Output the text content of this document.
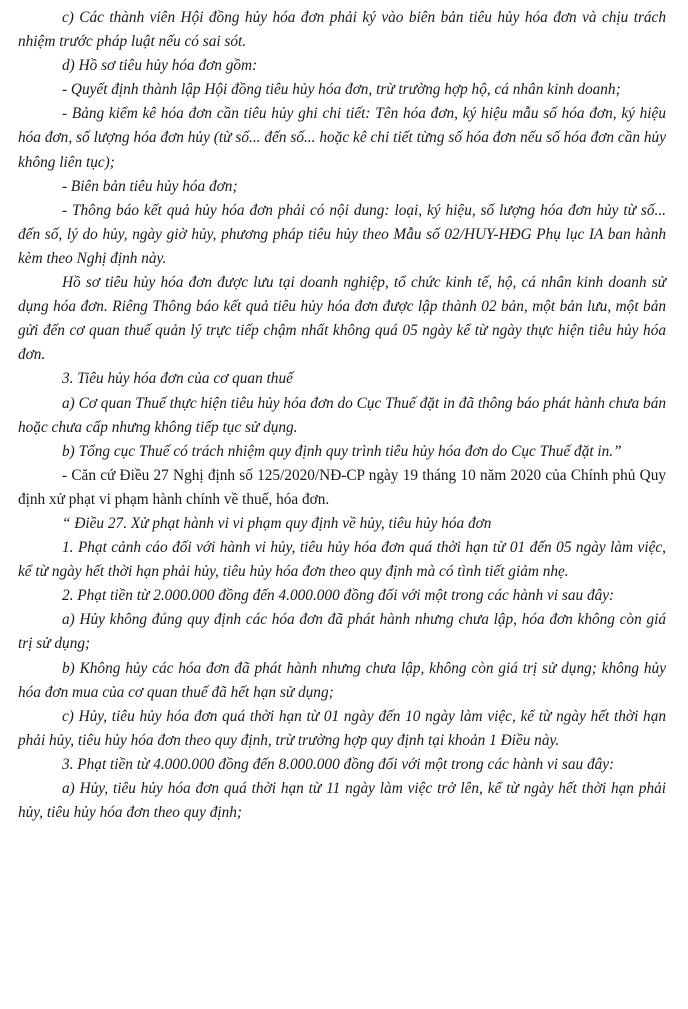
c) Các thành viên Hội đồng hủy hóa đơn phải ký vào biên bản tiêu hủy hóa đơn và chịu trách nhiệm trước pháp luật nếu có sai sót.

d) Hồ sơ tiêu hủy hóa đơn gồm:

- Quyết định thành lập Hội đồng tiêu hủy hóa đơn, trừ trường hợp hộ, cá nhân kinh doanh;

- Bảng kiểm kê hóa đơn cần tiêu hủy ghi chi tiết: Tên hóa đơn, ký hiệu mẫu số hóa đơn, ký hiệu hóa đơn, số lượng hóa đơn hủy (từ số... đến số... hoặc kê chi tiết từng số hóa đơn nếu số hóa đơn cần hủy không liên tục);

- Biên bản tiêu hủy hóa đơn;

- Thông báo kết quả hủy hóa đơn phải có nội dung: loại, ký hiệu, số lượng hóa đơn hủy từ số... đến số, lý do hủy, ngày giờ hủy, phương pháp tiêu hủy theo Mẫu số 02/HUY-HĐG Phụ lục IA ban hành kèm theo Nghị định này.

Hồ sơ tiêu hủy hóa đơn được lưu tại doanh nghiệp, tổ chức kinh tế, hộ, cá nhân kinh doanh sử dụng hóa đơn. Riêng Thông báo kết quả tiêu hủy hóa đơn được lập thành 02 bản, một bản lưu, một bản gửi đến cơ quan thuế quản lý trực tiếp chậm nhất không quá 05 ngày kể từ ngày thực hiện tiêu hủy hóa đơn.

3. Tiêu hủy hóa đơn của cơ quan thuế

a) Cơ quan Thuế thực hiện tiêu hủy hóa đơn do Cục Thuế đặt in đã thông báo phát hành chưa bán hoặc chưa cấp nhưng không tiếp tục sử dụng.

b) Tổng cục Thuế có trách nhiệm quy định quy trình tiêu hủy hóa đơn do Cục Thuế đặt in.”

- Căn cứ Điều 27 Nghị định số 125/2020/NĐ-CP ngày 19 tháng 10 năm 2020 của Chính phủ Quy định xử phạt vi phạm hành chính về thuế, hóa đơn.

“ Điều 27. Xử phạt hành vi vi phạm quy định về hủy, tiêu hủy hóa đơn

1. Phạt cảnh cáo đối với hành vi hủy, tiêu hủy hóa đơn quá thời hạn từ 01 đến 05 ngày làm việc, kể từ ngày hết thời hạn phải hủy, tiêu hủy hóa đơn theo quy định mà có tình tiết giảm nhẹ.

2. Phạt tiền từ 2.000.000 đồng đến 4.000.000 đồng đối với một trong các hành vi sau đây:

a) Hủy không đúng quy định các hóa đơn đã phát hành nhưng chưa lập, hóa đơn không còn giá trị sử dụng;

b) Không hủy các hóa đơn đã phát hành nhưng chưa lập, không còn giá trị sử dụng; không hủy hóa đơn mua của cơ quan thuế đã hết hạn sử dụng;

c) Hủy, tiêu hủy hóa đơn quá thời hạn từ 01 ngày đến 10 ngày làm việc, kể từ ngày hết thời hạn phải hủy, tiêu hủy hóa đơn theo quy định, trừ trường hợp quy định tại khoản 1 Điều này.

3. Phạt tiền từ 4.000.000 đồng đến 8.000.000 đồng đối với một trong các hành vi sau đây:

a) Hủy, tiêu hủy hóa đơn quá thời hạn từ 11 ngày làm việc trở lên, kể từ ngày hết thời hạn phải hủy, tiêu hủy hóa đơn theo quy định;
